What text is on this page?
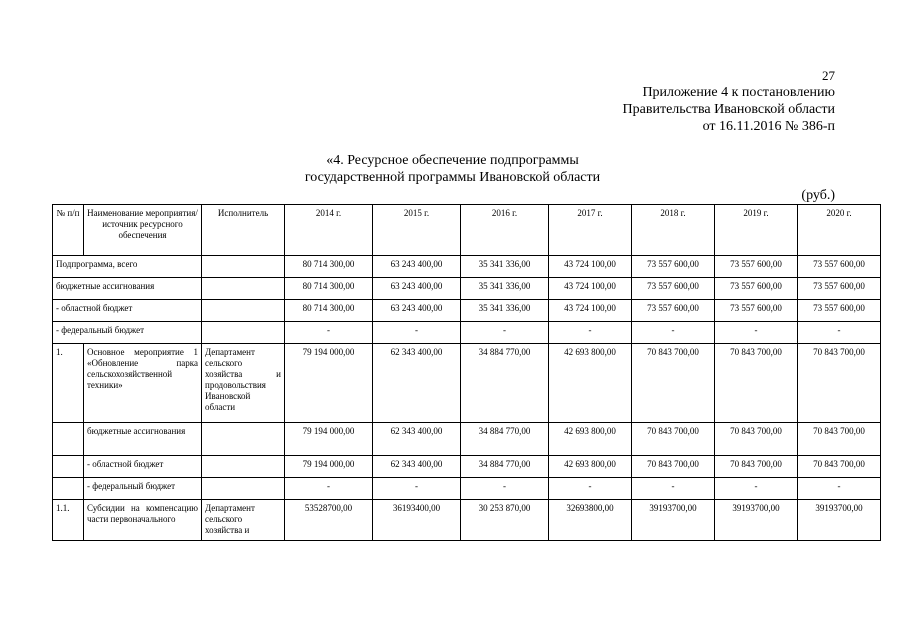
27
Приложение 4 к постановлению
Правительства Ивановской области
от 16.11.2016 № 386-п
«4. Ресурсное обеспечение подпрограммы
государственной программы Ивановской области
(руб.)
№ п/п	Наименование мероприятия/источник ресурсного обеспечения	Исполнитель	2014 г.	2015 г.	2016 г.	2017 г.	2018 г.	2019 г.	2020 г.
Подпрограмма, всего			80 714 300,00	63 243 400,00	35 341 336,00	43 724 100,00	73 557 600,00	73 557 600,00	73 557 600,00
бюджетные ассигнования			80 714 300,00	63 243 400,00	35 341 336,00	43 724 100,00	73 557 600,00	73 557 600,00	73 557 600,00
- областной бюджет			80 714 300,00	63 243 400,00	35 341 336,00	43 724 100,00	73 557 600,00	73 557 600,00	73 557 600,00
- федеральный бюджет			-	-	-	-	-	-	-
1.	Основное мероприятие 1 «Обновление парка сельскохозяйственной техники»	Департамент сельского хозяйства и продовольствия Ивановской области	79 194 000,00	62 343 400,00	34 884 770,00	42 693 800,00	70 843 700,00	70 843 700,00	70 843 700,00
	бюджетные ассигнования		79 194 000,00	62 343 400,00	34 884 770,00	42 693 800,00	70 843 700,00	70 843 700,00	70 843 700,00
	- областной бюджет		79 194 000,00	62 343 400,00	34 884 770,00	42 693 800,00	70 843 700,00	70 843 700,00	70 843 700,00
	- федеральный бюджет		-	-	-	-	-	-	-
1.1.	Субсидии на компенсацию части первоначального	Департамент сельского хозяйства и	53528700,00	36193400,00	30 253 870,00	32693800,00	39193700,00	39193700,00	39193700,00
